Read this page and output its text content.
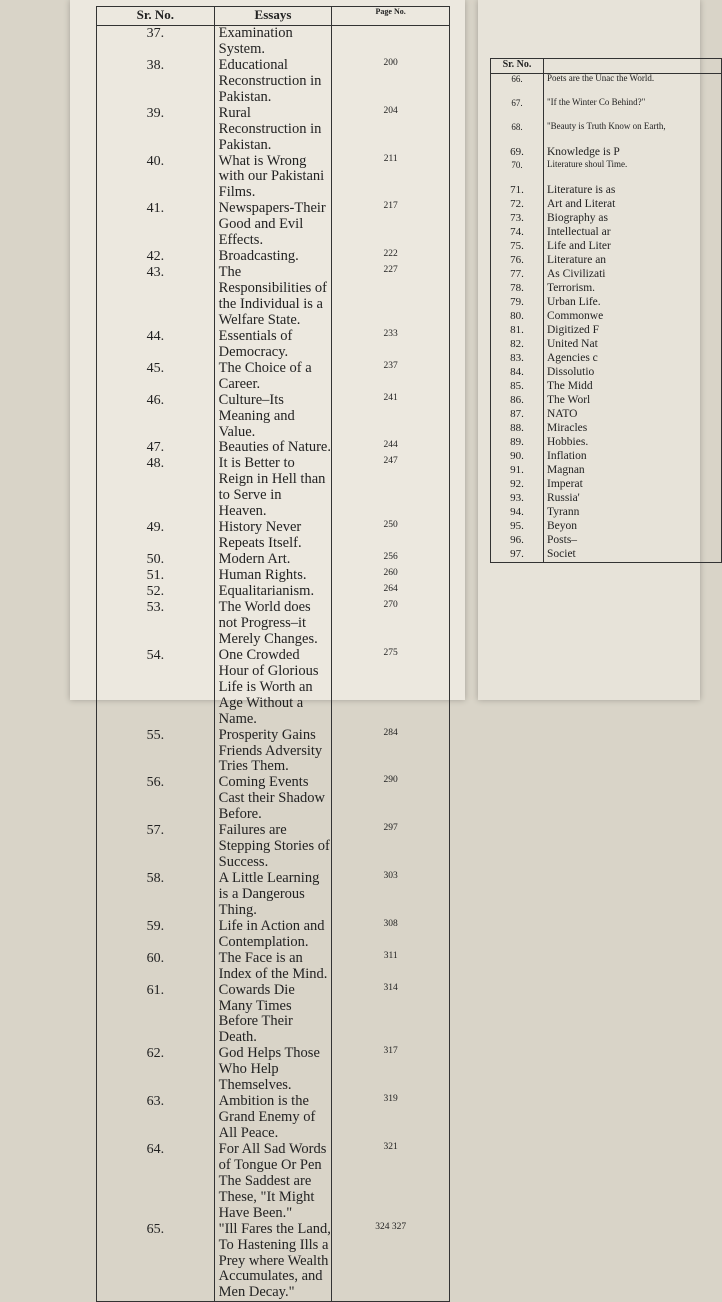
Sr. No.	Essays	Page No.
37.	Examination System.	
38.	Educational Reconstruction in Pakistan.	200
39.	Rural Reconstruction in Pakistan.	204
40.	What is Wrong with our Pakistani Films.	211
41.	Newspapers-Their Good and Evil Effects.	217
42.	Broadcasting.	222
43.	The Responsibilities of the Individual is a Welfare State.	227
44.	Essentials of Democracy.	233
45.	The Choice of a Career.	237
46.	Culture–Its Meaning and Value.	241
47.	Beauties of Nature.	244
48.	It is Better to Reign in Hell than to Serve in Heaven.	247
49.	History Never Repeats Itself.	250
50.	Modern Art.	256
51.	Human Rights.	260
52.	Equalitarianism.	264
53.	The World does not Progress–it Merely Changes.	270
54.	One Crowded Hour of Glorious Life is Worth an Age Without a Name.	275
55.	Prosperity Gains Friends Adversity Tries Them.	284
56.	Coming Events Cast their Shadow Before.	290
57.	Failures are Stepping Stories of Success.	297
58.	A Little Learning is a Dangerous Thing.	303
59.	Life in Action and Contemplation.	308
60.	The Face is an Index of the Mind.	311
61.	Cowards Die Many Times Before Their Death.	314
62.	God Helps Those Who Help Themselves.	317
63.	Ambition is the Grand Enemy of All Peace.	319
64.	For All Sad Words of Tongue Or Pen The Saddest are These, "It Might Have Been."	321
65.	"Ill Fares the Land, To Hastening Ills a Prey where Wealth Accumulates, and Men Decay."	324 327
Sr. No.	
66.	Poets are the Unac the World.
67.	"If the Winter Co Behind?"
68.	"Beauty is Truth Know on Earth,
69.	Knowledge is P
70.	Literature shoul Time.
71.	Literature is as
72.	Art and Literat
73.	Biography as
74.	Intellectual ar
75.	Life and Liter
76.	Literature an
77.	As Civilizati
78.	Terrorism.
79.	Urban Life.
80.	Commonwe
81.	Digitized F
82.	United Nat
83.	Agencies c
84.	Dissolutio
85.	The Midd
86.	The Worl
87.	NATO
88.	Miracles
89.	Hobbies.
90.	Inflation
91.	Magnan
92.	Imperat
93.	Russia'
94.	Tyrann
95.	Beyon
96.	Posts–
97.	Societ
